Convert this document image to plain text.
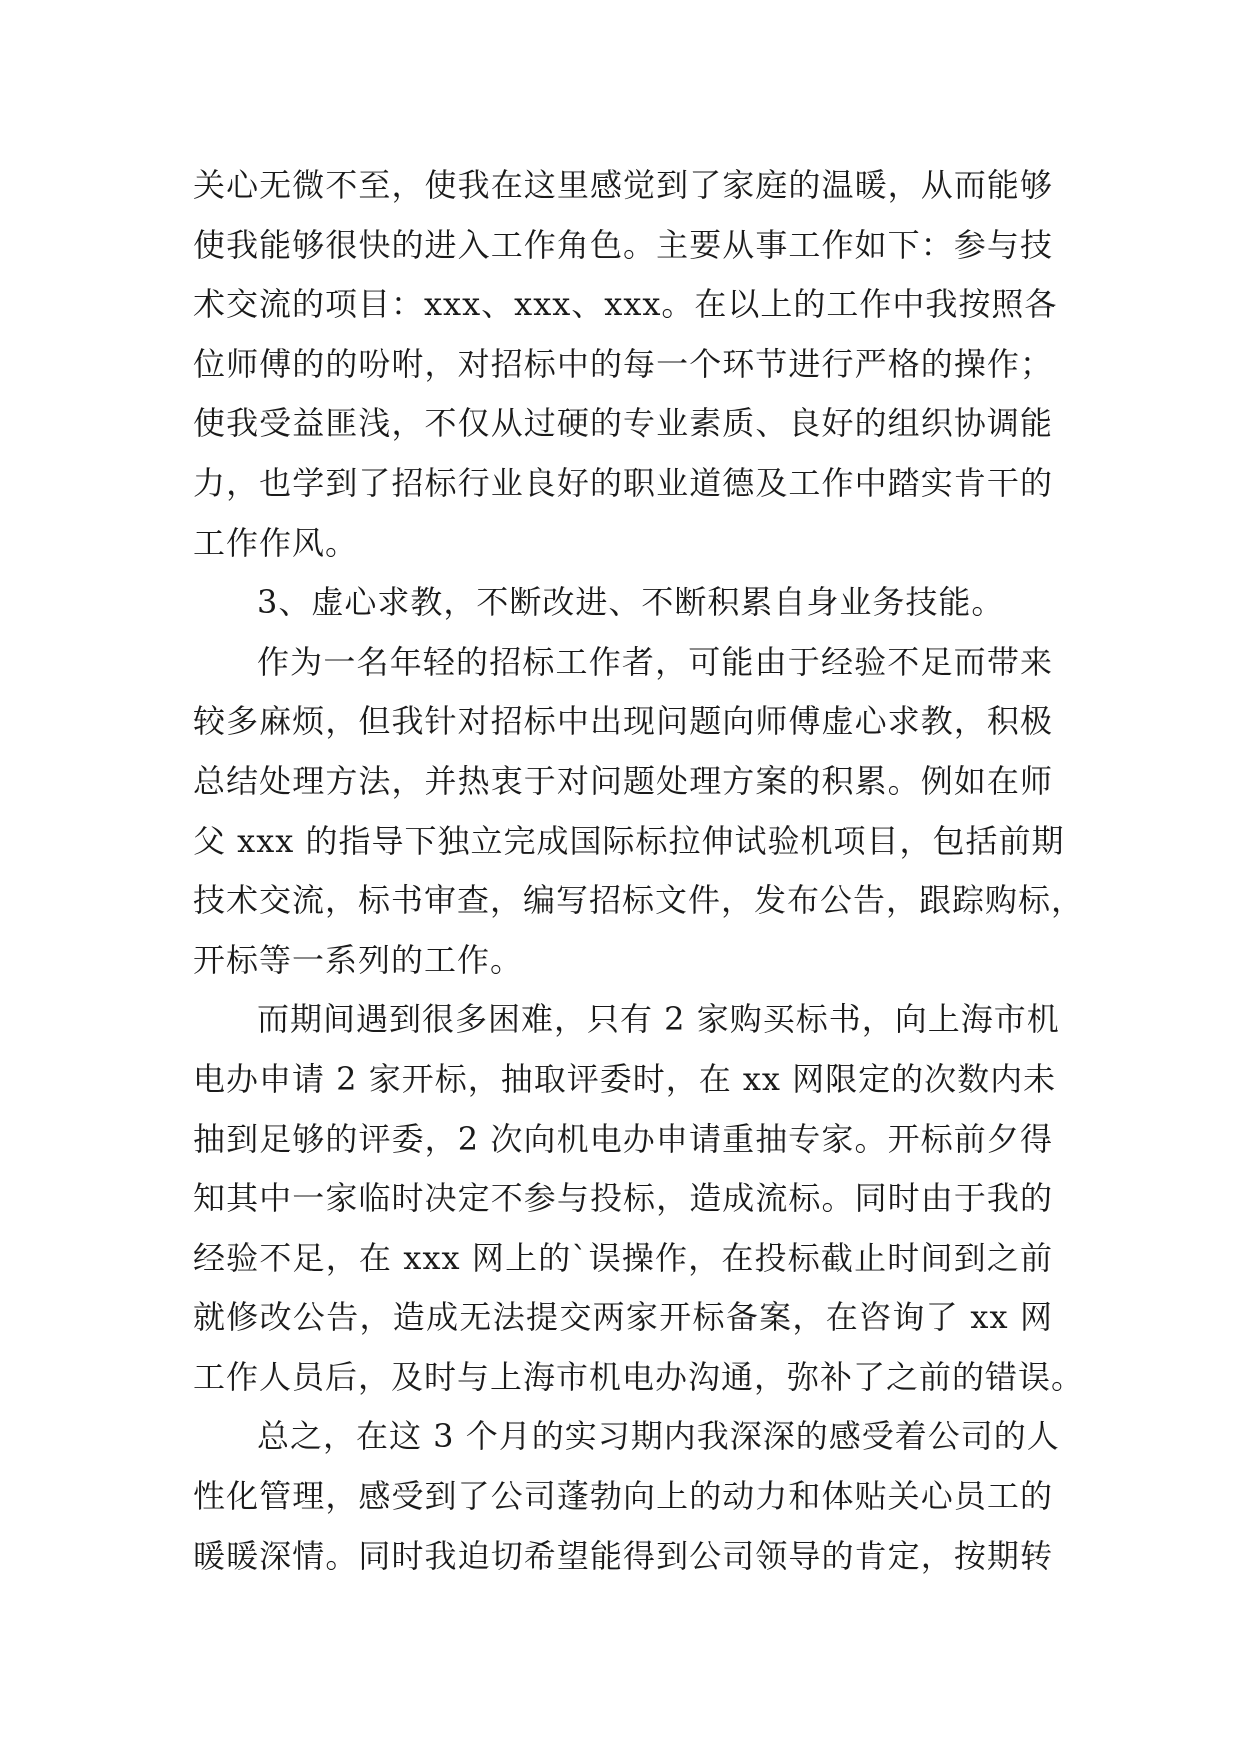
关心无微不至，使我在这里感觉到了家庭的温暖，从而能够
使我能够很快的进入工作角色。主要从事工作如下：参与技
术交流的项目：xxx、xxx、xxx。在以上的工作中我按照各
位师傅的的吩咐，对招标中的每一个环节进行严格的操作；
使我受益匪浅，不仅从过硬的专业素质、良好的组织协调能
力，也学到了招标行业良好的职业道德及工作中踏实肯干的
工作作风。
3、虚心求教，不断改进、不断积累自身业务技能。
作为一名年轻的招标工作者，可能由于经验不足而带来
较多麻烦，但我针对招标中出现问题向师傅虚心求教，积极
总结处理方法，并热衷于对问题处理方案的积累。例如在师
父 xxx 的指导下独立完成国际标拉伸试验机项目，包括前期
技术交流，标书审查，编写招标文件，发布公告，跟踪购标，
开标等一系列的工作。
而期间遇到很多困难，只有 2 家购买标书，向上海市机
电办申请 2 家开标，抽取评委时，在 xx 网限定的次数内未
抽到足够的评委，2 次向机电办申请重抽专家。开标前夕得
知其中一家临时决定不参与投标，造成流标。同时由于我的
经验不足，在 xxx 网上的`误操作，在投标截止时间到之前
就修改公告，造成无法提交两家开标备案，在咨询了 xx 网
工作人员后，及时与上海市机电办沟通，弥补了之前的错误。
总之，在这 3 个月的实习期内我深深的感受着公司的人
性化管理，感受到了公司蓬勃向上的动力和体贴关心员工的
暖暖深情。同时我迫切希望能得到公司领导的肯定，按期转
